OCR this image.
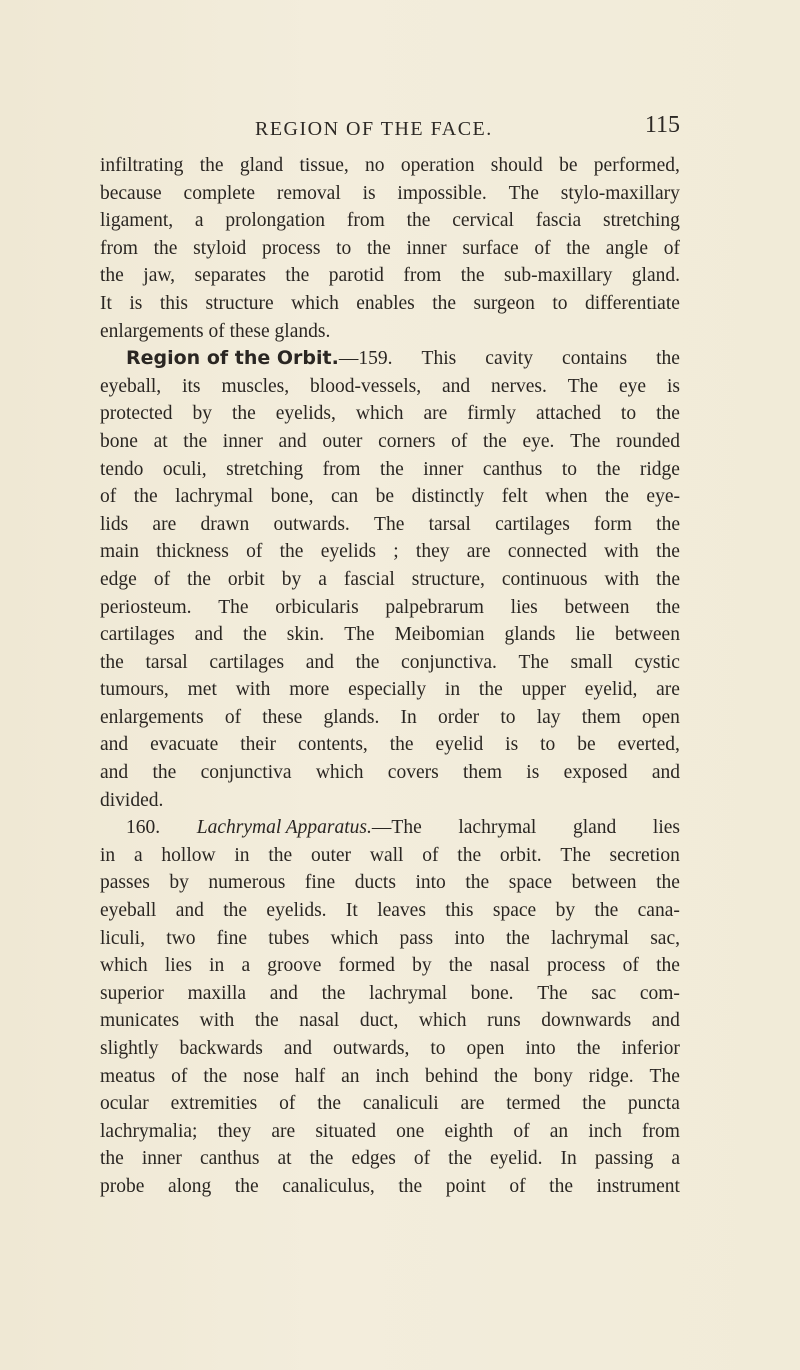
REGION OF THE FACE.	115
infiltrating the gland tissue, no operation should be performed,
because complete removal is impossible. The stylo-maxillary
ligament, a prolongation from the cervical fascia stretching
from the styloid process to the inner surface of the angle of
the jaw, separates the parotid from the sub-maxillary gland.
It is this structure which enables the surgeon to differentiate
enlargements of these glands.
Region of the Orbit.—159. This cavity contains the
eyeball, its muscles, blood-vessels, and nerves. The eye is
protected by the eyelids, which are firmly attached to the
bone at the inner and outer corners of the eye. The rounded
tendo oculi, stretching from the inner canthus to the ridge
of the lachrymal bone, can be distinctly felt when the eye-
lids are drawn outwards. The tarsal cartilages form the
main thickness of the eyelids ; they are connected with the
edge of the orbit by a fascial structure, continuous with the
periosteum. The orbicularis palpebrarum lies between the
cartilages and the skin. The Meibomian glands lie between
the tarsal cartilages and the conjunctiva. The small cystic
tumours, met with more especially in the upper eyelid, are
enlargements of these glands. In order to lay them open
and evacuate their contents, the eyelid is to be everted,
and the conjunctiva which covers them is exposed and
divided.
160. Lachrymal Apparatus.—The lachrymal gland lies
in a hollow in the outer wall of the orbit. The secretion
passes by numerous fine ducts into the space between the
eyeball and the eyelids. It leaves this space by the cana-
liculi, two fine tubes which pass into the lachrymal sac,
which lies in a groove formed by the nasal process of the
superior maxilla and the lachrymal bone. The sac com-
municates with the nasal duct, which runs downwards and
slightly backwards and outwards, to open into the inferior
meatus of the nose half an inch behind the bony ridge. The
ocular extremities of the canaliculi are termed the puncta
lachrymalia; they are situated one eighth of an inch from
the inner canthus at the edges of the eyelid. In passing a
probe along the canaliculus, the point of the instrument
